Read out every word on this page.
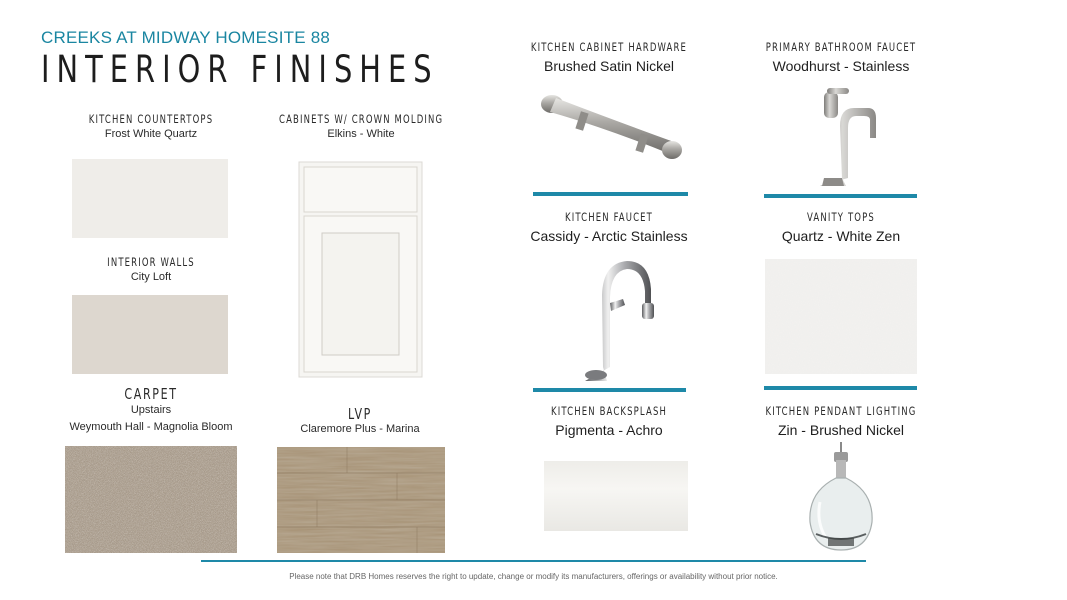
CREEKS AT MIDWAY HOMESITE 88
INTERIOR FINISHES
KITCHEN COUNTERTOPS
Frost White Quartz
CABINETS W/ CROWN MOLDING
Elkins - White
INTERIOR WALLS
City Loft
CARPET
Upstairs
Weymouth Hall - Magnolia Bloom
LVP
Claremore Plus - Marina
KITCHEN CABINET HARDWARE
Brushed Satin Nickel
PRIMARY BATHROOM FAUCET
Woodhurst - Stainless
KITCHEN FAUCET
Cassidy - Arctic Stainless
VANITY TOPS
Quartz - White Zen
KITCHEN BACKSPLASH
Pigmenta - Achro
KITCHEN PENDANT LIGHTING
Zin - Brushed Nickel
Please note that DRB Homes reserves the right to update, change or modify its manufacturers, offerings or availability without prior notice.
